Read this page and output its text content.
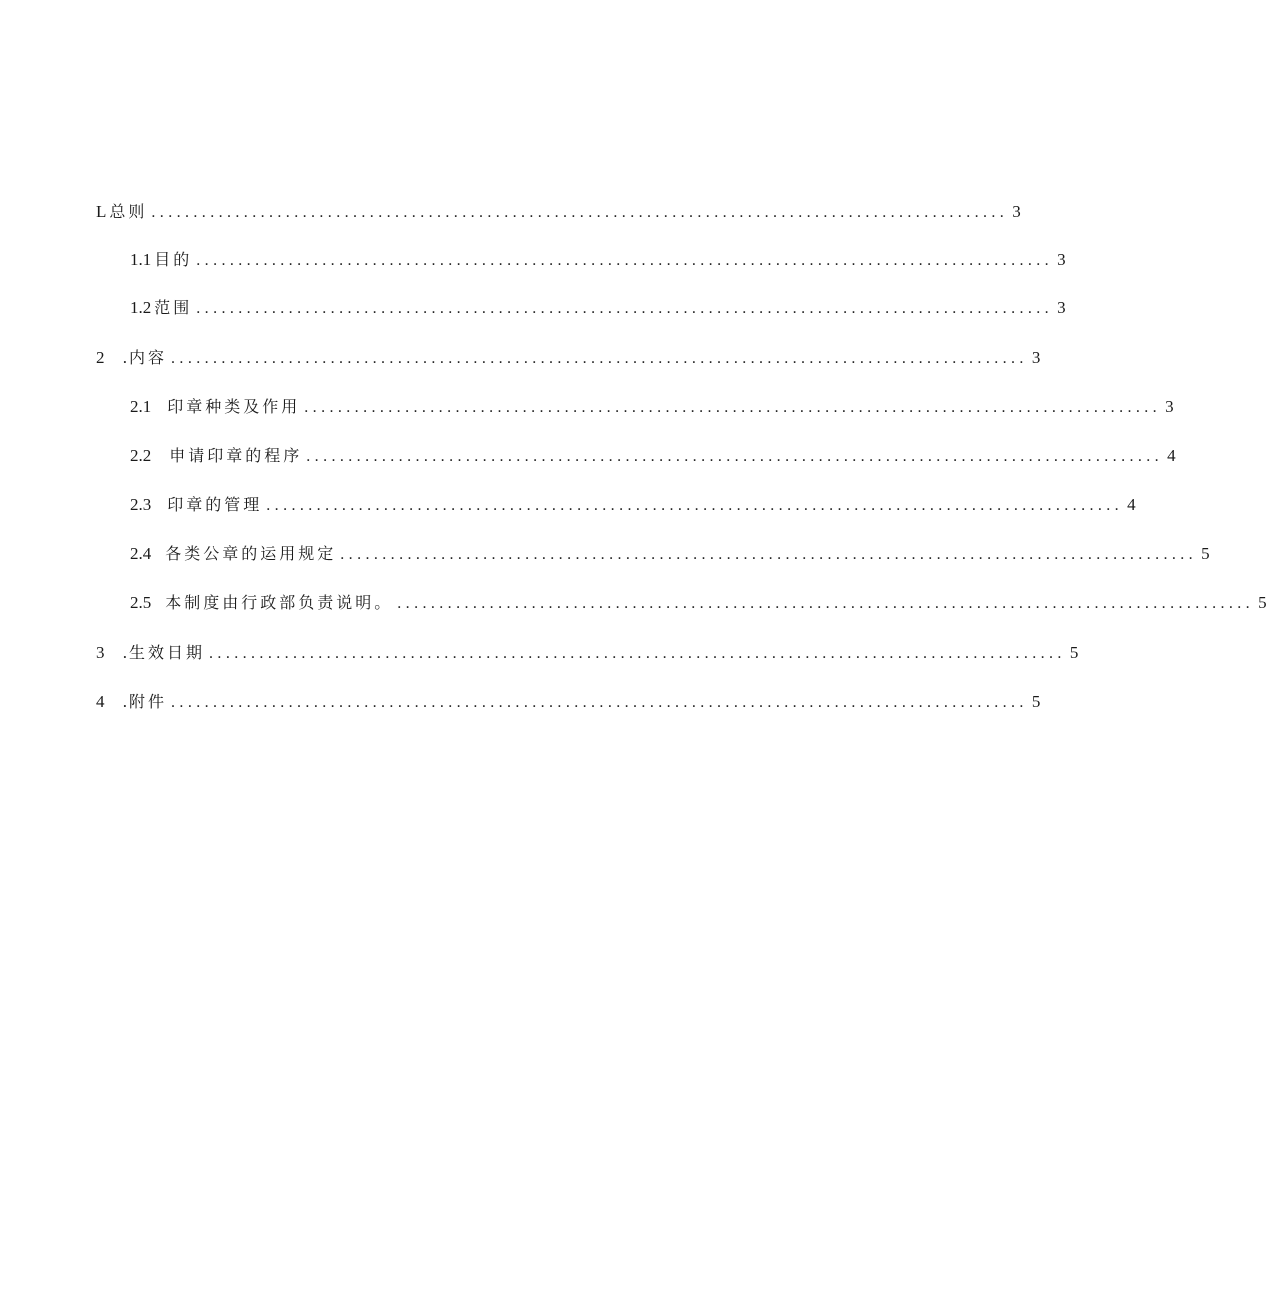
L 总则 ...................................................................................................... 3
1.1 目的 ...................................................................................................... 3
1.2 范围 ...................................................................................................... 3
2 . 内容 ...................................................................................................... 3
2.1 印章种类及作用 ...................................................................................................... 3
2.2 申请印章的程序 ...................................................................................................... 4
2.3 印章的管理 ...................................................................................................... 4
2.4 各类公章的运用规定 ...................................................................................................... 5
2.5 本制度由行政部负责说明。 ...................................................................................................... 5
3 . 生效日期 ...................................................................................................... 5
4 . 附件 ...................................................................................................... 5
